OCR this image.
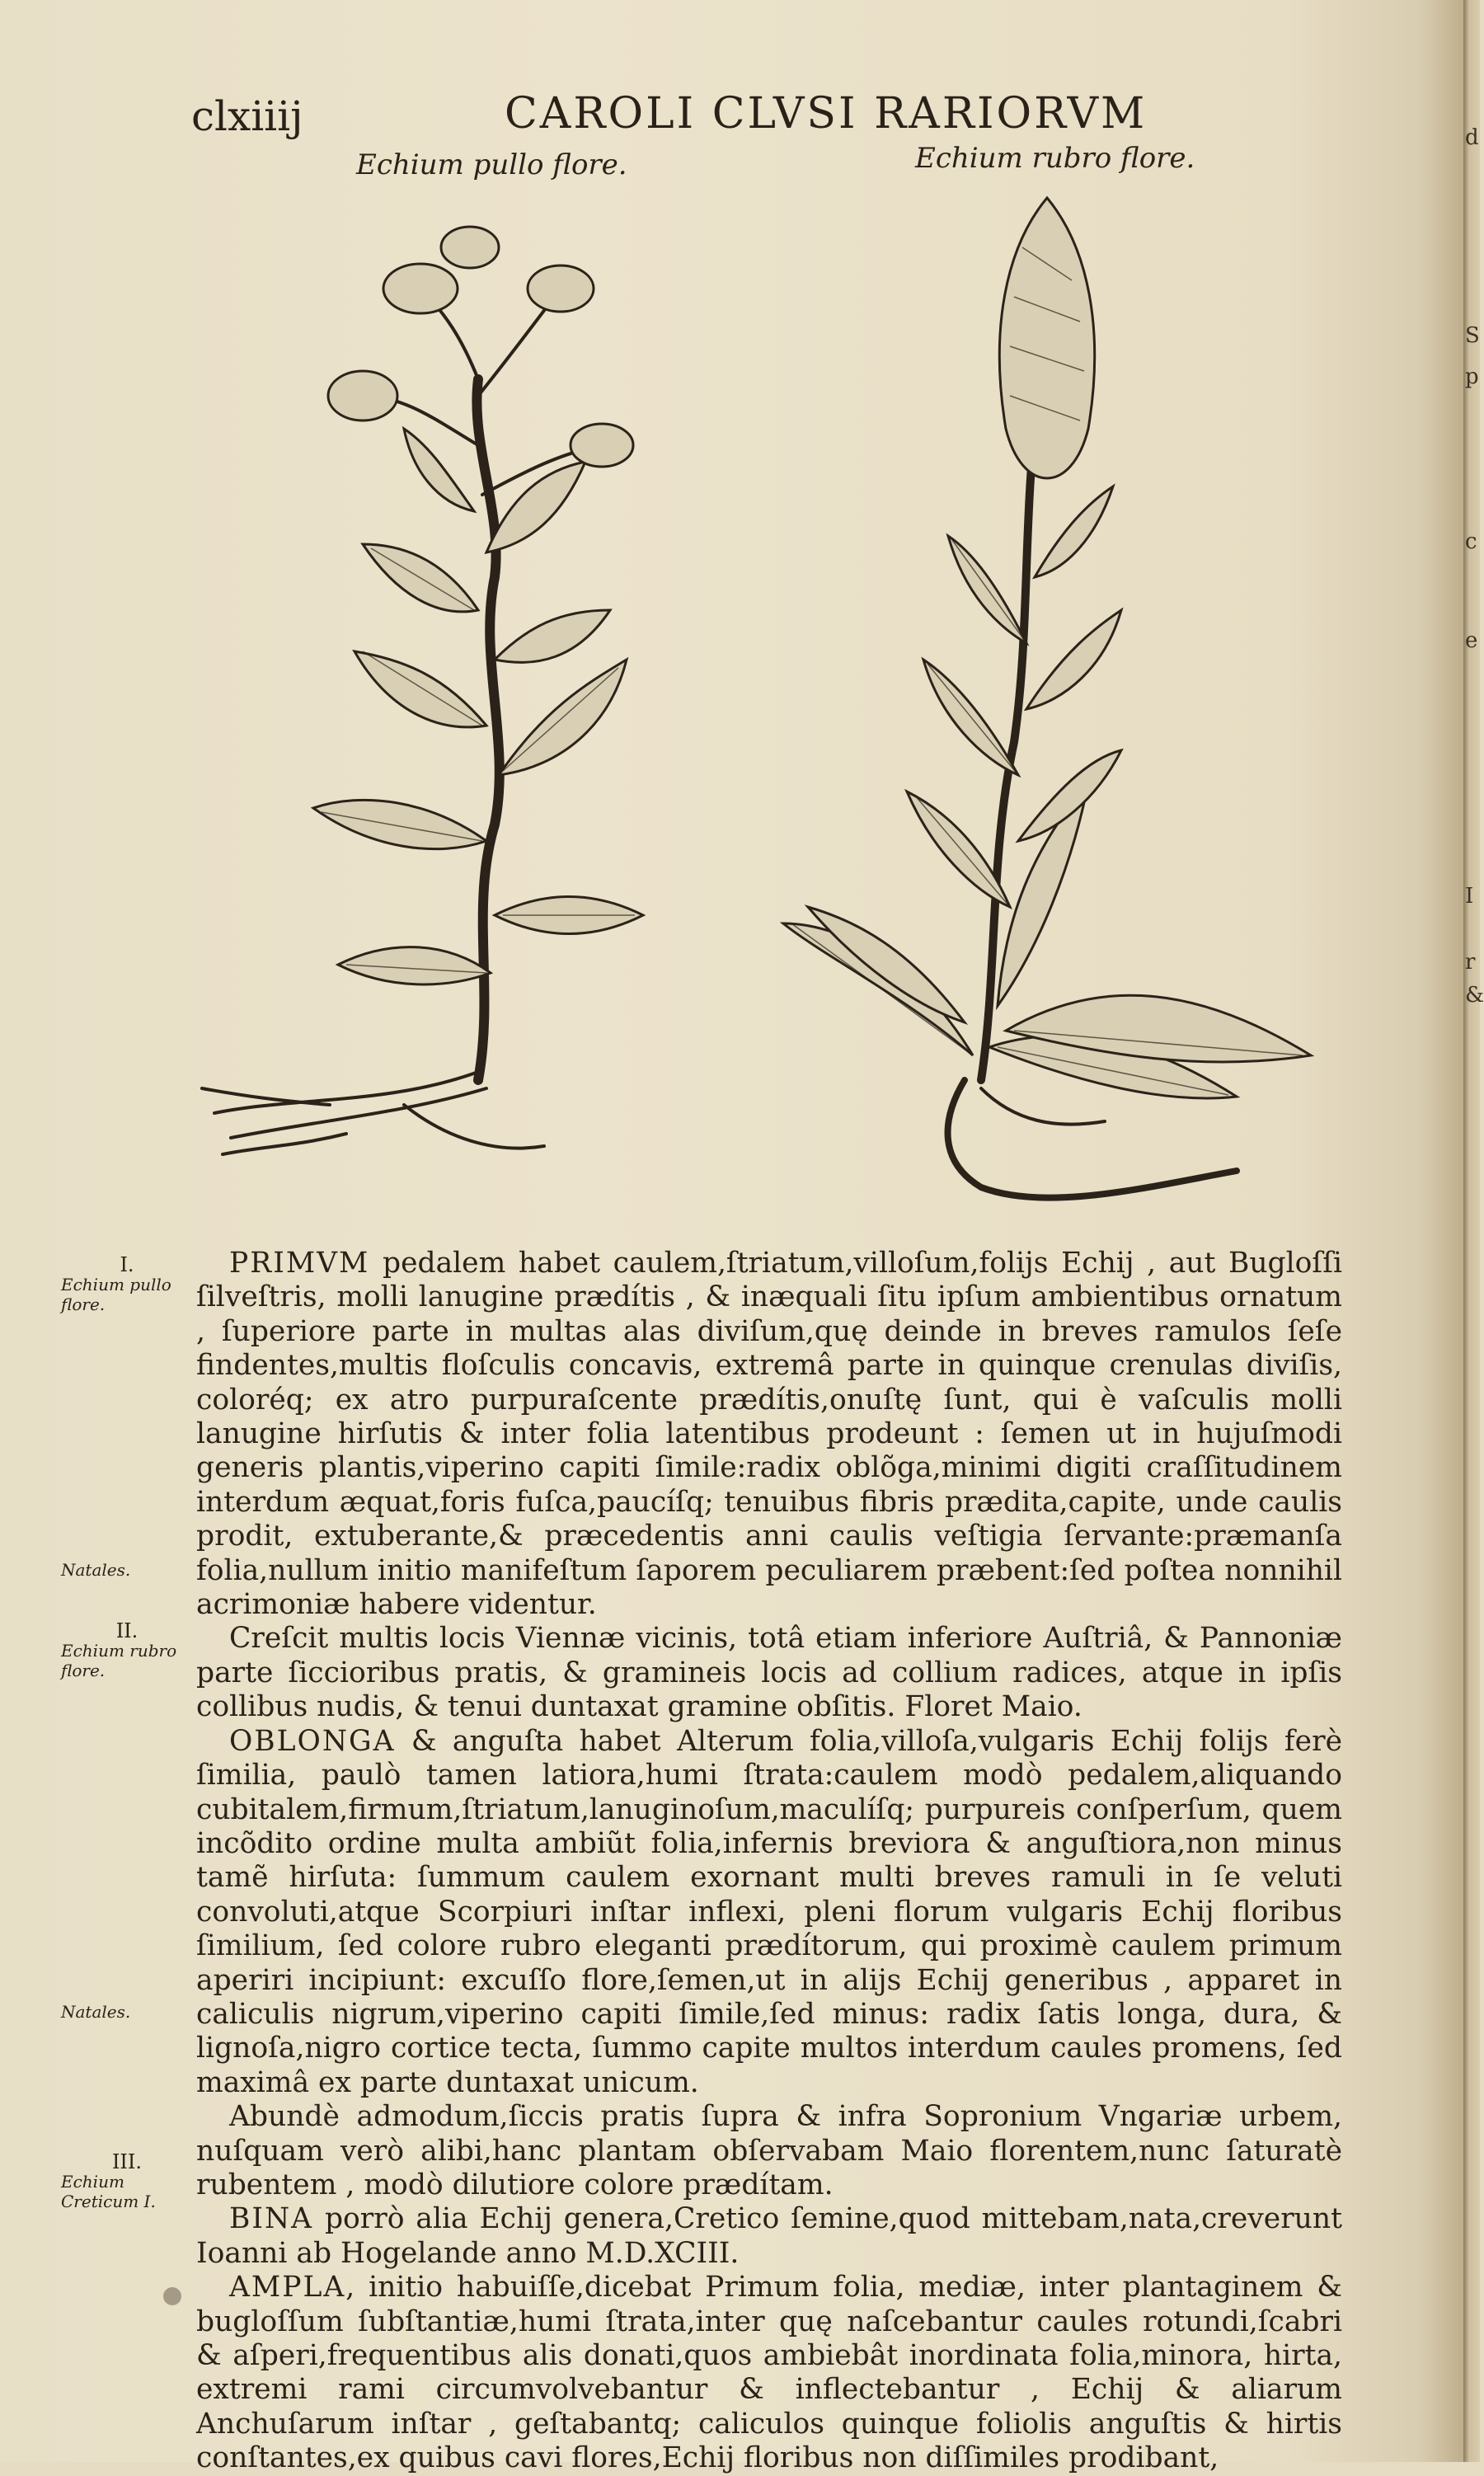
clxiiij	CAROLI CLVSI RARIORVM
Echium pullo flore.	Echium rubro flore.
I.
Echium pullo flore.
Natales.
II.
Echium rubro flore.
Natales.
III.
Echium Creticum I.

PRIMVM pedalem habet caulem,ſtriatum,villoſum,folijs Echij , aut Bugloſſi ſilveſtris, molli lanugine prædítis , & inæquali ſitu ipſum ambientibus ornatum , ſuperiore parte in multas alas diviſum,quę deinde in breves ramulos ſeſe findentes,multis floſculis concavis, extremâ parte in quinque crenulas diviſis, coloréq; ex atro purpuraſcente prædítis,onuſtę ſunt, qui è vaſculis molli lanugine hirſutis & inter folia latentibus prodeunt : ſemen ut in hujuſmodi generis plantis,viperino capiti ſimile:radix oblõga,minimi digiti craſſitudinem interdum æquat,foris fuſca,paucíſq; tenuibus fibris prædita,capite, unde caulis prodit, extuberante,& præcedentis anni caulis veſtigia ſervante:præmanſa folia,nullum initio manifeſtum ſaporem peculiarem præbent:ſed poſtea nonnihil acrimoniæ habere videntur.

Creſcit multis locis Viennæ vicinis, totâ etiam inferiore Auſtriâ, & Pannoniæ parte ſiccioribus pratis, & gramineis locis ad collium radices, atque in ipſis collibus nudis, & tenui duntaxat gramine obſitis. Floret Maio.

OBLONGA & anguſta habet Alterum folia,villoſa,vulgaris Echij folijs ferè ſimilia, paulò tamen latiora,humi ſtrata:caulem modò pedalem,aliquando cubitalem,firmum,ſtriatum,lanuginoſum,maculíſq; purpureis conſperſum, quem incõdito ordine multa ambiũt folia,infernis breviora & anguſtiora,non minus tamẽ hirſuta: ſummum caulem exornant multi breves ramuli in ſe veluti convoluti,atque Scorpiuri inſtar inflexi, pleni florum vulgaris Echij floribus ſimilium, ſed colore rubro eleganti prædítorum, qui proximè caulem primum aperiri incipiunt: excuſſo flore,ſemen,ut in alijs Echij generibus , apparet in caliculis nigrum,viperino capiti ſimile,ſed minus: radix ſatis longa, dura, & lignoſa,nigro cortice tecta, ſummo capite multos interdum caules promens, ſed maximâ ex parte duntaxat unicum.

Abundè admodum,ſiccis pratis ſupra & infra Sopronium Vngariæ urbem, nuſquam verò alibi,hanc plantam obſervabam Maio florentem,nunc ſaturatè rubentem , modò dilutiore colore prædítam.

BINA porrò alia Echij genera,Cretico ſemine,quod mittebam,nata,creverunt Ioanni ab Hogelande anno M.D.XCIII.

AMPLA, initio habuiſſe,dicebat Primum folia, mediæ, inter plantaginem & bugloſſum ſubſtantiæ,humi ſtrata,inter quę naſcebantur caules rotundi,ſcabri & aſperi,frequentibus alis donati,quos ambiebât inordinata folia,minora, hirta, extremi rami circumvolvebantur & inflectebantur , Echij & aliarum Anchuſarum inſtar , geſtabantq; caliculos quinque foliolis anguſtis & hirtis conſtantes,ex quibus cavi flores,Echij floribus non diſſimiles prodibant,

d
S
p
c
e
I
r
&
